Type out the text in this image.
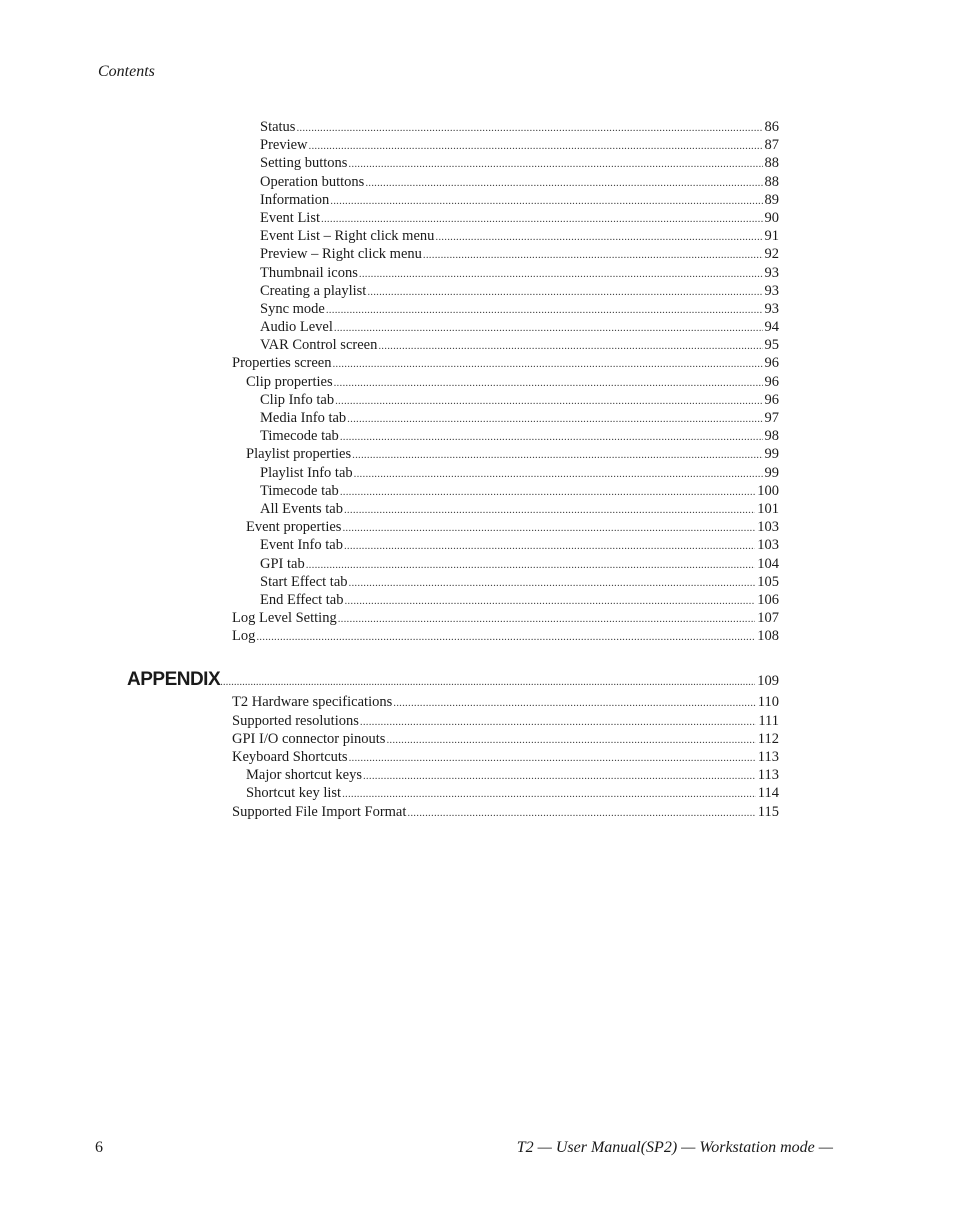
Contents
Status .....	86
Preview .....	87
Setting buttons .....	88
Operation buttons .....	88
Information .....	89
Event List .....	90
Event List – Right click menu .....	91
Preview – Right click menu .....	92
Thumbnail icons .....	93
Creating a playlist .....	93
Sync mode .....	93
Audio Level .....	94
VAR Control screen .....	95
Properties screen .....	96
Clip properties .....	96
Clip Info tab .....	96
Media Info tab .....	97
Timecode tab .....	98
Playlist properties .....	99
Playlist Info tab .....	99
Timecode tab .....	100
All Events tab .....	101
Event properties .....	103
Event Info tab .....	103
GPI tab .....	104
Start Effect tab .....	105
End Effect tab .....	106
Log Level Setting .....	107
Log .....	108
APPENDIX .....	109
T2 Hardware specifications .....	110
Supported resolutions .....	111
GPI I/O connector pinouts .....	112
Keyboard Shortcuts .....	113
Major shortcut keys .....	113
Shortcut key list .....	114
Supported File Import Format .....	115
6	T2 — User Manual(SP2) — Workstation mode —
